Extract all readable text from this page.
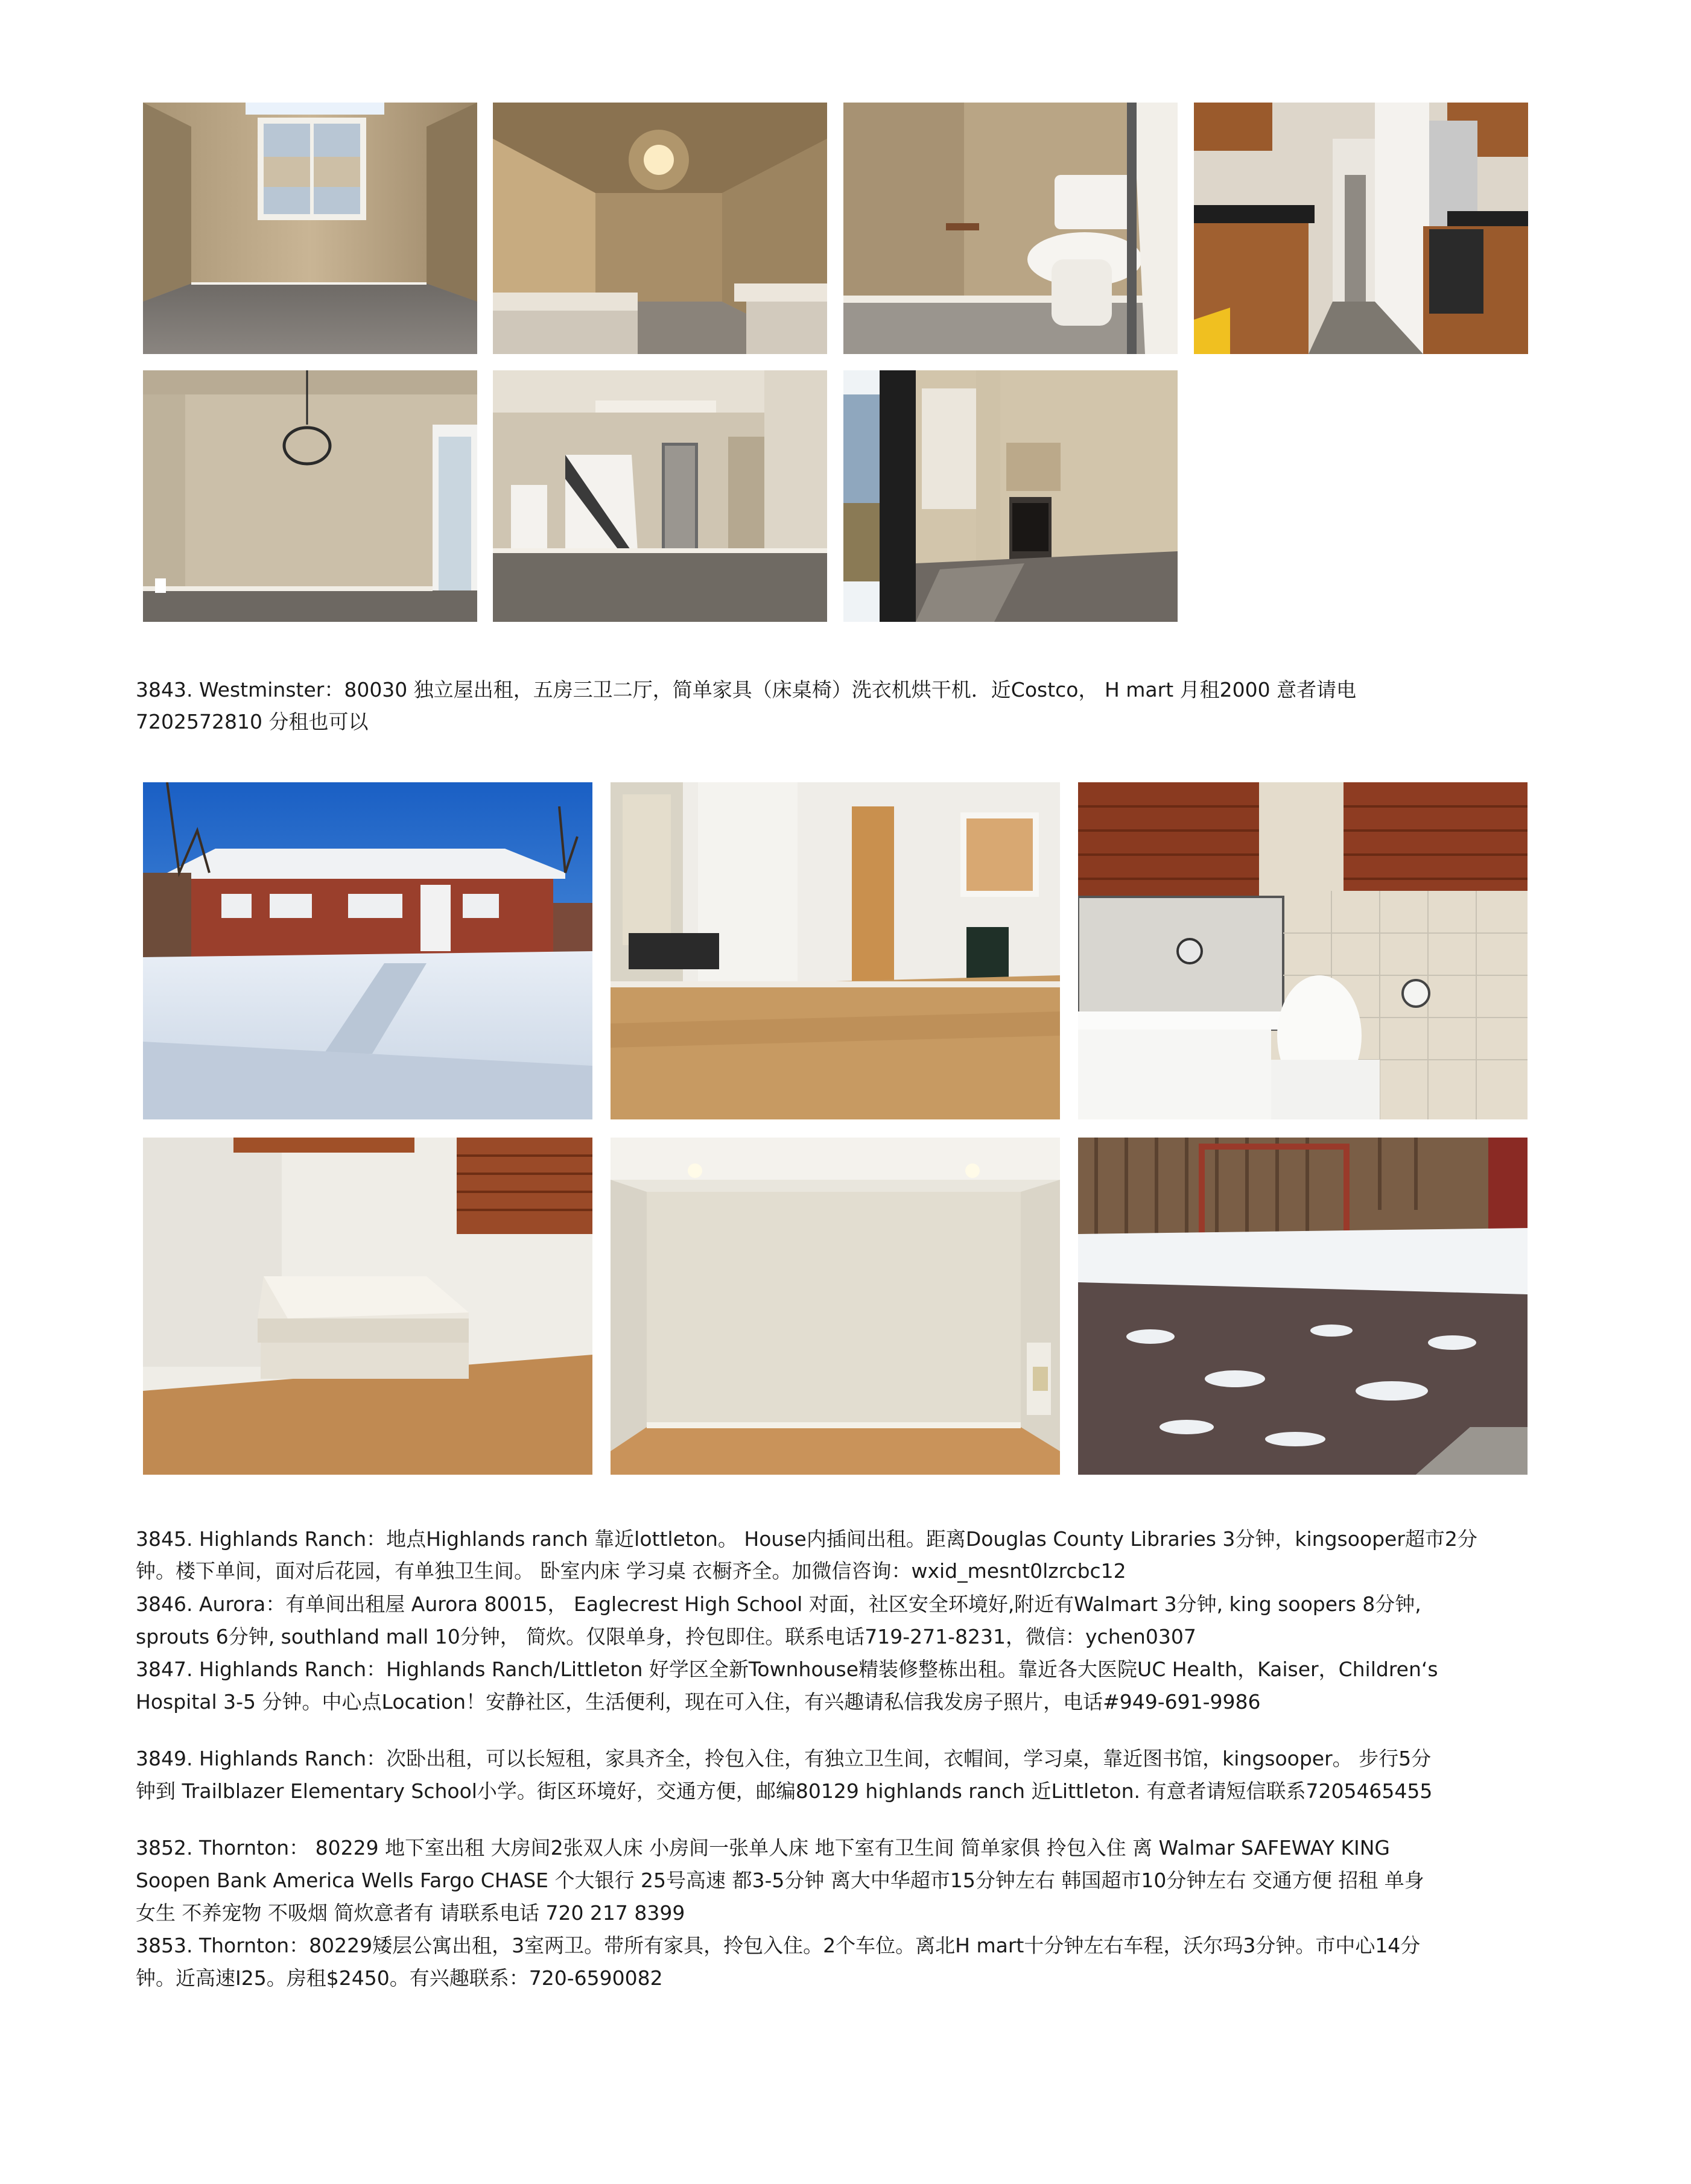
3843. Westminster：80030 独立屋出租，五房三卫二厅，简单家具（床桌椅）洗衣机烘干机．近Costco， H mart 月租2000 意者请电
7202572810 分租也可以
3845. Highlands Ranch：地点Highlands ranch 靠近lottleton。 House内插间出租。距离Douglas County Libraries 3分钟，kingsooper超市2分
钟。楼下单间，面对后花园，有单独卫生间。 卧室内床 学习桌 衣橱齐全。加微信咨询：wxid_mesnt0lzrcbc12
3846. Aurora：有单间出租屋 Aurora 80015， Eaglecrest High School 对面，社区安全环境好,附近有Walmart 3分钟, king soopers 8分钟,
sprouts 6分钟, southland mall 10分钟， 简炊。仅限单身，拎包即住。联系电话719-271-8231，微信：ychen0307
3847. Highlands Ranch：Highlands Ranch/Littleton 好学区全新Townhouse精装修整栋出租。靠近各大医院UC Health，Kaiser，Children‘s
Hospital 3-5 分钟。中心点Location！安静社区，生活便利，现在可入住，有兴趣请私信我发房子照片，电话#949-691-9986
3849. Highlands Ranch：次卧出租，可以长短租，家具齐全，拎包入住，有独立卫生间，衣帽间，学习桌，靠近图书馆，kingsooper。 步行5分
钟到 Trailblazer Elementary School小学。街区环境好，交通方便，邮编80129 highlands ranch 近Littleton. 有意者请短信联系7205465455
3852. Thornton： 80229 地下室出租 大房间2张双人床 小房间一张单人床 地下室有卫生间 简单家俱 拎包入住 离 Walmar SAFEWAY KING
Soopen Bank America Wells Fargo CHASE 个大银行 25号高速 都3-5分钟 离大中华超市15分钟左右 韩国超市10分钟左右 交通方便 招租 单身
女生 不养宠物 不吸烟 简炊意者有 请联系电话 720 217 8399
3853. Thornton：80229矮层公寓出租，3室两卫。带所有家具，拎包入住。2个车位。离北H mart十分钟左右车程，沃尔玛3分钟。市中心14分
钟。近高速I25。房租$2450。有兴趣联系：720-6590082
